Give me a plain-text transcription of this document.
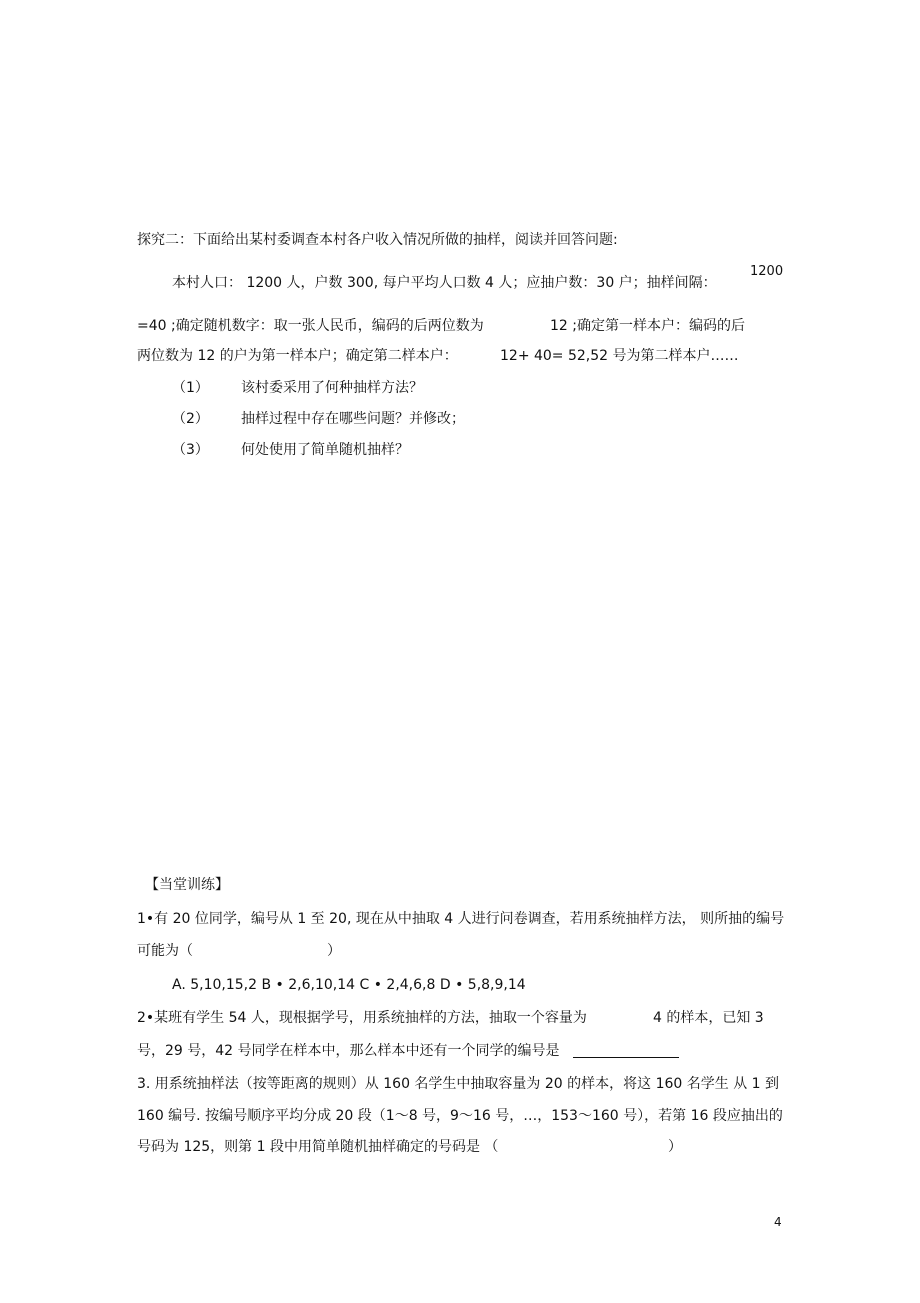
探究二：下面给出某村委调查本村各户收入情况所做的抽样，阅读并回答问题:
1200
本村人口： 1200 人，户数 300, 每户平均人口数 4 人；应抽户数：30 户；抽样间隔：
=40 ;确定随机数字：取一张人民币，编码的后两位数为	12 ;确定第一样本户：编码的后
两位数为 12 的户为第一样本户；确定第二样本户：	12+ 40= 52,52 号为第二样本户……
（1） 该村委采用了何种抽样方法？
（2） 抽样过程中存在哪些问题？并修改；
（3） 何处使用了简单随机抽样？
【当堂训练】
1•有 20 位同学，编号从 1 至 20, 现在从中抽取 4 人进行问卷调查，若用系统抽样方法， 则所抽的编号
可能为（	）
A. 5,10,15,2 B • 2,6,10,14 C • 2,4,6,8 D • 5,8,9,14
2•某班有学生 54 人，现根据学号，用系统抽样的方法，抽取一个容量为	4 的样本，已知 3
号，29 号，42 号同学在样本中，那么样本中还有一个同学的编号是
3. 用系统抽样法（按等距离的规则）从 160 名学生中抽取容量为 20 的样本，将这 160 名学生 从 1 到
160 编号. 按编号顺序平均分成 20 段（1～8 号，9～16 号，…，153～160 号），若第 16 段应抽出的
号码为 125，则第 1 段中用简单随机抽样确定的号码是 （	）
4
